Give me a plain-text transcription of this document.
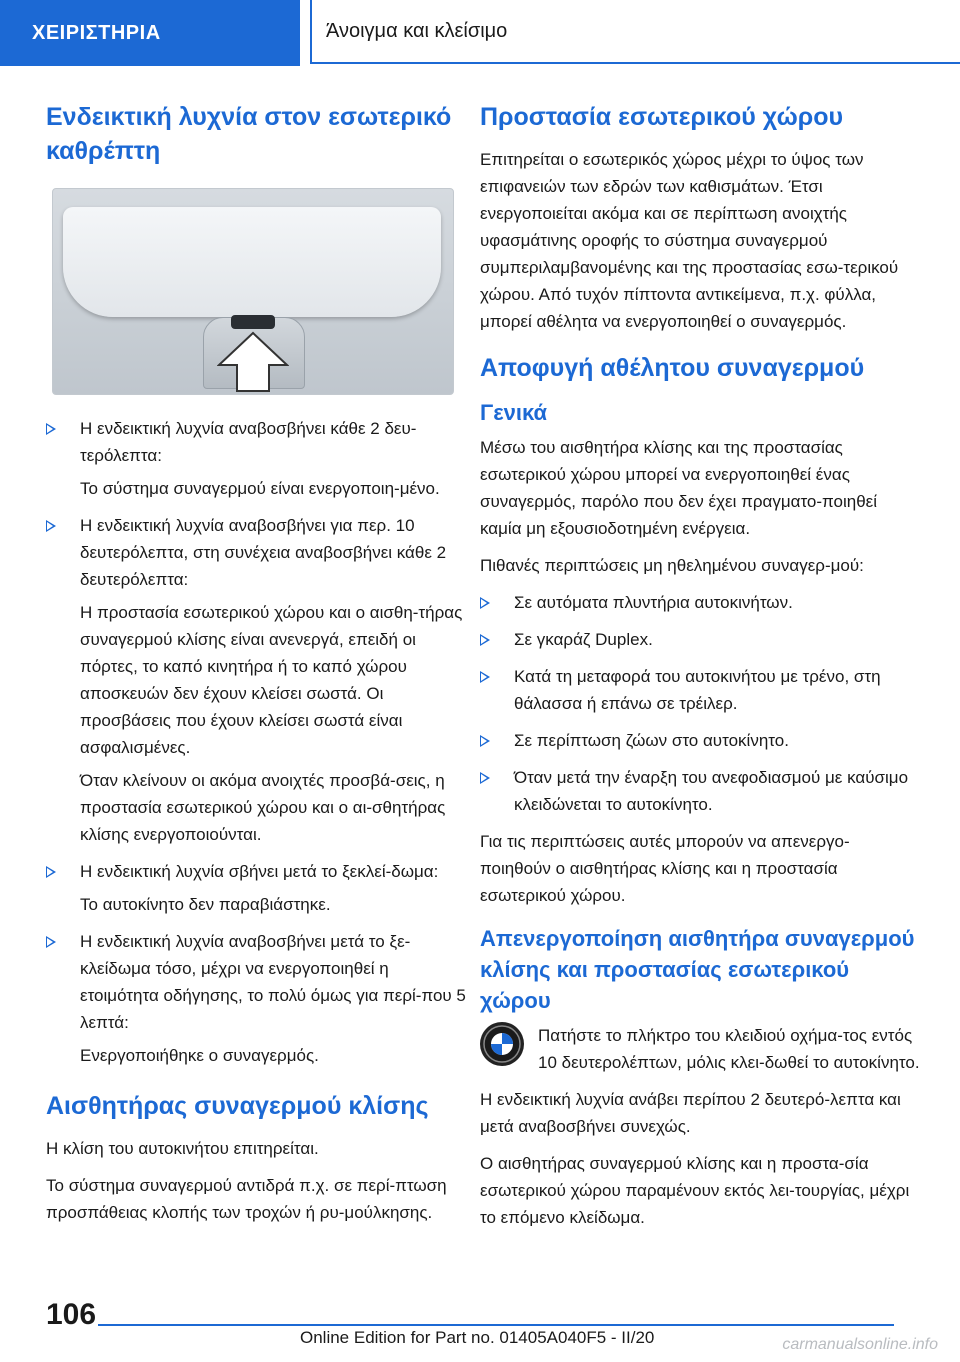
ΧΕΙΡΙΣΤΗΡΙΑ	Άνοιγμα και κλείσιμο
Ενδεικτική λυχνία στον εσωτερικό καθρέπτη

Η ενδεικτική λυχνία αναβοσβήνει κάθε 2 δευ-τερόλεπτα:

Το σύστημα συναγερμού είναι ενεργοποιη-μένο.

Η ενδεικτική λυχνία αναβοσβήνει για περ. 10 δευτερόλεπτα, στη συνέχεια αναβοσβήνει κάθε 2 δευτερόλεπτα:

Η προστασία εσωτερικού χώρου και ο αισθη-τήρας συναγερμού κλίσης είναι ανενεργά, επειδή οι πόρτες, το καπό κινητήρα ή το καπό χώρου αποσκευών δεν έχουν κλείσει σωστά. Οι προσβάσεις που έχουν κλείσει σωστά είναι ασφαλισμένες.

Όταν κλείνουν οι ακόμα ανοιχτές προσβά-σεις, η προστασία εσωτερικού χώρου και ο αι-σθητήρας κλίσης ενεργοποιούνται.

Η ενδεικτική λυχνία σβήνει μετά το ξεκλεί-δωμα:

Το αυτοκίνητο δεν παραβιάστηκε.

Η ενδεικτική λυχνία αναβοσβήνει μετά το ξε-κλείδωμα τόσο, μέχρι να ενεργοποιηθεί η ετοιμότητα οδήγησης, το πολύ όμως για περί-που 5 λεπτά:

Ενεργοποιήθηκε ο συναγερμός.

Αισθητήρας συναγερμού κλίσης

Η κλίση του αυτοκινήτου επιτηρείται.

Το σύστημα συναγερμού αντιδρά π.χ. σε περί-πτωση προσπάθειας κλοπής των τροχών ή ρυ-μούλκησης.

Προστασία εσωτερικού χώρου

Επιτηρείται ο εσωτερικός χώρος μέχρι το ύψος των επιφανειών των εδρών των καθισμάτων. Έτσι ενεργοποιείται ακόμα και σε περίπτωση ανοιχτής υφασμάτινης οροφής το σύστημα συναγερμού συμπεριλαμβανομένης και της προστασίας εσω-τερικού χώρου. Από τυχόν πίπτοντα αντικείμενα, π.χ. φύλλα, μπορεί αθέλητα να ενεργοποιηθεί ο συναγερμός.

Αποφυγή αθέλητου συναγερμού
Γενικά

Μέσω του αισθητήρα κλίσης και της προστασίας εσωτερικού χώρου μπορεί να ενεργοποιηθεί ένας συναγερμός, παρόλο που δεν έχει πραγματο-ποιηθεί καμία μη εξουσιοδοτημένη ενέργεια.

Πιθανές περιπτώσεις μη ηθελημένου συναγερ-μού:

Σε αυτόματα πλυντήρια αυτοκινήτων.

Σε γκαράζ Duplex.

Κατά τη μεταφορά του αυτοκινήτου με τρένο, στη θάλασσα ή επάνω σε τρέιλερ.

Σε περίπτωση ζώων στο αυτοκίνητο.

Όταν μετά την έναρξη του ανεφοδιασμού με καύσιμο κλειδώνεται το αυτοκίνητο.

Για τις περιπτώσεις αυτές μπορούν να απενεργο-ποιηθούν ο αισθητήρας κλίσης και η προστασία εσωτερικού χώρου.

Απενεργοποίηση αισθητήρα συναγερμού κλίσης και προστασίας εσωτερικού χώρου

Πατήστε το πλήκτρο του κλειδιού οχήμα-τος εντός 10 δευτερολέπτων, μόλις κλει-δωθεί το αυτοκίνητο.

Η ενδεικτική λυχνία ανάβει περίπου 2 δευτερό-λεπτα και μετά αναβοσβήνει συνεχώς.

Ο αισθητήρας συναγερμού κλίσης και η προστα-σία εσωτερικού χώρου παραμένουν εκτός λει-τουργίας, μέχρι το επόμενο κλείδωμα.

106
Online Edition for Part no. 01405A040F5 - II/20	carmanualsonline.info
